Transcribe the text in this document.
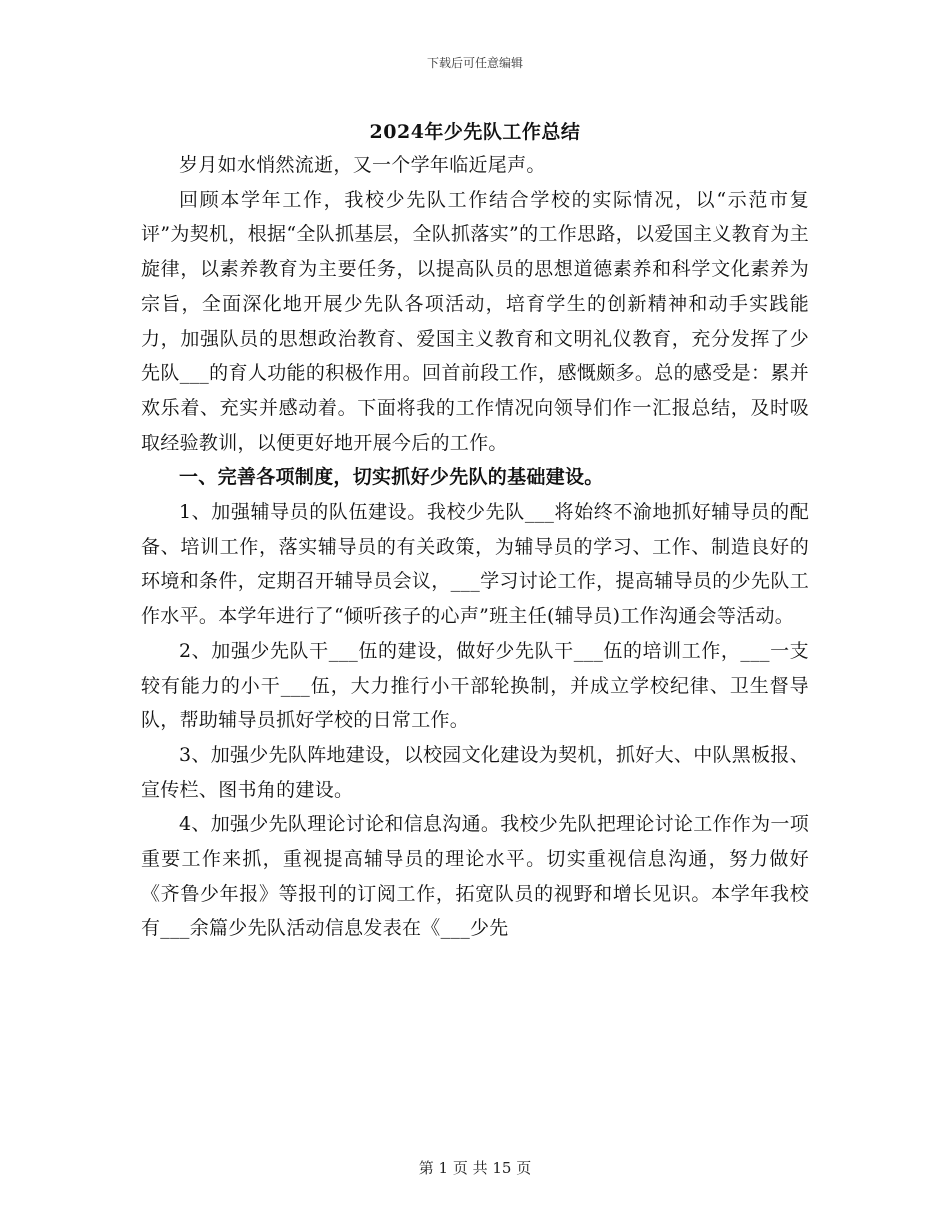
下载后可任意编辑
2024年少先队工作总结

岁月如水悄然流逝，又一个学年临近尾声。

回顾本学年工作，我校少先队工作结合学校的实际情况，以“示范市复评”为契机，根据“全队抓基层，全队抓落实”的工作思路，以爱国主义教育为主旋律，以素养教育为主要任务，以提高队员的思想道德素养和科学文化素养为宗旨，全面深化地开展少先队各项活动，培育学生的创新精神和动手实践能力，加强队员的思想政治教育、爱国主义教育和文明礼仪教育，充分发挥了少先队___的育人功能的积极作用。回首前段工作，感慨颇多。总的感受是：累并欢乐着、充实并感动着。下面将我的工作情况向领导们作一汇报总结，及时吸取经验教训，以便更好地开展今后的工作。

一、完善各项制度，切实抓好少先队的基础建设。

1、加强辅导员的队伍建设。我校少先队___将始终不渝地抓好辅导员的配备、培训工作，落实辅导员的有关政策，为辅导员的学习、工作、制造良好的环境和条件，定期召开辅导员会议，___学习讨论工作，提高辅导员的少先队工作水平。本学年进行了“倾听孩子的心声”班主任(辅导员)工作沟通会等活动。

2、加强少先队干___伍的建设，做好少先队干___伍的培训工作，___一支较有能力的小干___伍，大力推行小干部轮换制，并成立学校纪律、卫生督导队，帮助辅导员抓好学校的日常工作。

3、加强少先队阵地建设，以校园文化建设为契机，抓好大、中队黑板报、宣传栏、图书角的建设。

4、加强少先队理论讨论和信息沟通。我校少先队把理论讨论工作作为一项重要工作来抓，重视提高辅导员的理论水平。切实重视信息沟通，努力做好《齐鲁少年报》等报刊的订阅工作，拓宽队员的视野和增长见识。本学年我校有___余篇少先队活动信息发表在《___少先

第 1 页 共 15 页
